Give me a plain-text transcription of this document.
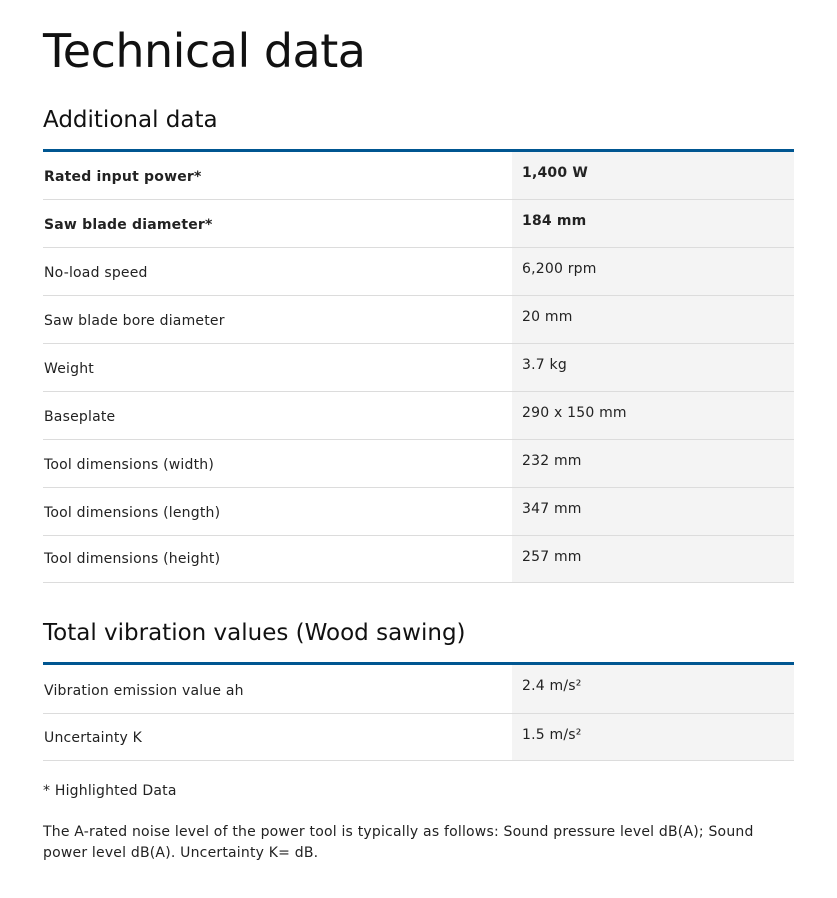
Technical data
Additional data
Rated input power*	1,400 W
Saw blade diameter*	184 mm
No-load speed	6,200 rpm
Saw blade bore diameter	20 mm
Weight	3.7 kg
Baseplate	290 x 150 mm
Tool dimensions (width)	232 mm
Tool dimensions (length)	347 mm
Tool dimensions (height)	257 mm
Total vibration values (Wood sawing)
Vibration emission value ah	2.4 m/s²
Uncertainty K	1.5 m/s²

* Highlighted Data

The A-rated noise level of the power tool is typically as follows: Sound pressure level dB(A); Sound power level dB(A). Uncertainty K= dB.
